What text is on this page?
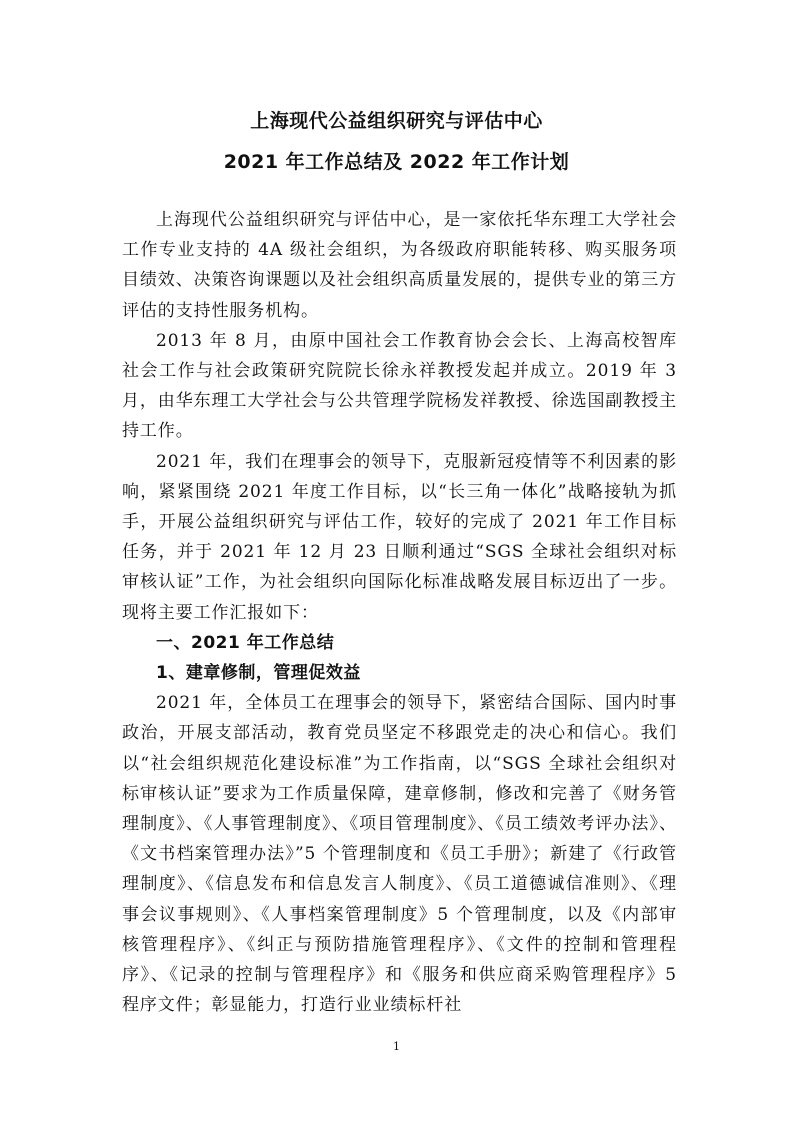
上海现代公益组织研究与评估中心
2021 年工作总结及 2022 年工作计划

上海现代公益组织研究与评估中心，是一家依托华东理工大学社会工作专业支持的 4A 级社会组织，为各级政府职能转移、购买服务项目绩效、决策咨询课题以及社会组织高质量发展的，提供专业的第三方评估的支持性服务机构。

2013 年 8 月，由原中国社会工作教育协会会长、上海高校智库社会工作与社会政策研究院院长徐永祥教授发起并成立。2019 年 3 月，由华东理工大学社会与公共管理学院杨发祥教授、徐选国副教授主持工作。

2021 年，我们在理事会的领导下，克服新冠疫情等不利因素的影响，紧紧围绕 2021 年度工作目标，以“长三角一体化”战略接轨为抓手，开展公益组织研究与评估工作，较好的完成了 2021 年工作目标任务，并于 2021 年 12 月 23 日顺利通过“SGS 全球社会组织对标审核认证”工作，为社会组织向国际化标准战略发展目标迈出了一步。现将主要工作汇报如下：

一、2021 年工作总结
1、建章修制，管理促效益

2021 年，全体员工在理事会的领导下，紧密结合国际、国内时事政治，开展支部活动，教育党员坚定不移跟党走的决心和信心。我们以“社会组织规范化建设标准”为工作指南，以“SGS 全球社会组织对标审核认证”要求为工作质量保障，建章修制，修改和完善了《财务管理制度》、《人事管理制度》、《项目管理制度》、《员工绩效考评办法》、《文书档案管理办法》”5 个管理制度和《员工手册》；新建了《行政管理制度》、《信息发布和信息发言人制度》、《员工道德诚信准则》、《理事会议事规则》、《人事档案管理制度》5 个管理制度，以及《内部审核管理程序》、《纠正与预防措施管理程序》、《文件的控制和管理程序》、《记录的控制与管理程序》和《服务和供应商采购管理程序》5 程序文件；彰显能力，打造行业业绩标杆社

1
